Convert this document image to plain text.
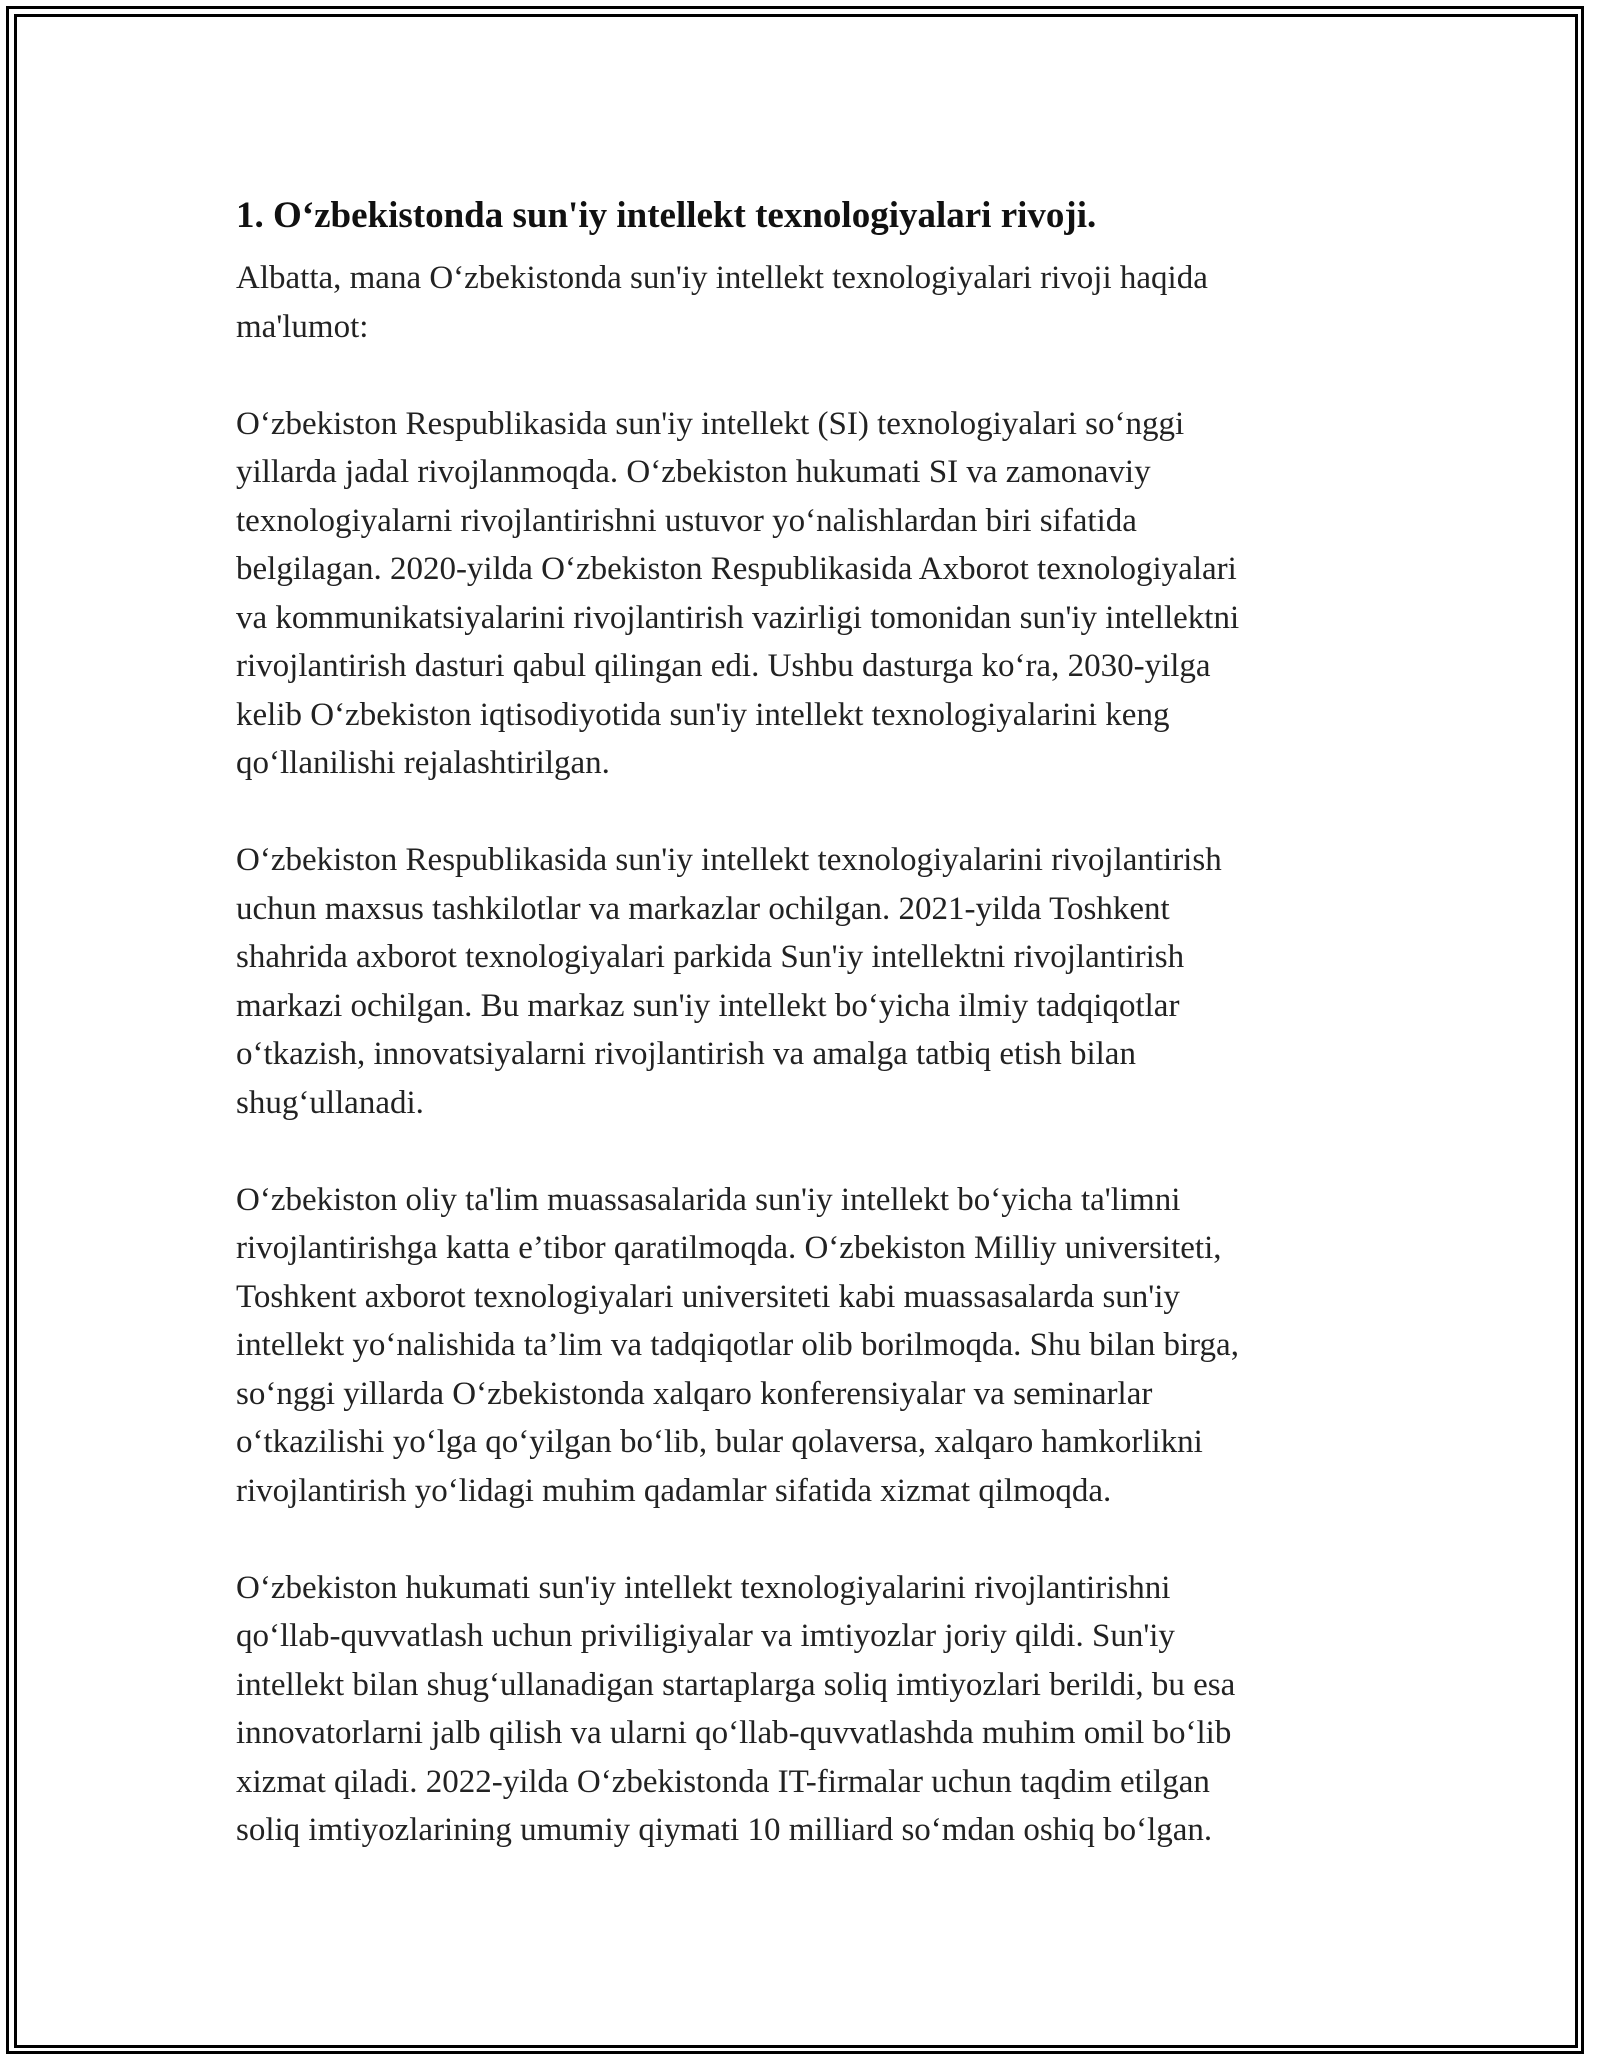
1. Oʻzbekistonda sun'iy intellekt texnologiyalari rivoji.

Albatta, mana Oʻzbekistonda sun'iy intellekt texnologiyalari rivoji haqida
ma'lumot:

Oʻzbekiston Respublikasida sun'iy intellekt (SI) texnologiyalari soʻnggi
yillarda jadal rivojlanmoqda. Oʻzbekiston hukumati SI va zamonaviy
texnologiyalarni rivojlantirishni ustuvor yoʻnalishlardan biri sifatida
belgilagan. 2020-yilda Oʻzbekiston Respublikasida Axborot texnologiyalari
va kommunikatsiyalarini rivojlantirish vazirligi tomonidan sun'iy intellektni
rivojlantirish dasturi qabul qilingan edi. Ushbu dasturga koʻra, 2030-yilga
kelib Oʻzbekiston iqtisodiyotida sun'iy intellekt texnologiyalarini keng
qoʻllanilishi rejalashtirilgan.

Oʻzbekiston Respublikasida sun'iy intellekt texnologiyalarini rivojlantirish
uchun maxsus tashkilotlar va markazlar ochilgan. 2021-yilda Toshkent
shahrida axborot texnologiyalari parkida Sun'iy intellektni rivojlantirish
markazi ochilgan. Bu markaz sun'iy intellekt boʻyicha ilmiy tadqiqotlar
oʻtkazish, innovatsiyalarni rivojlantirish va amalga tatbiq etish bilan
shugʻullanadi.

Oʻzbekiston oliy ta'lim muassasalarida sun'iy intellekt boʻyicha ta'limni
rivojlantirishga katta e’tibor qaratilmoqda. Oʻzbekiston Milliy universiteti,
Toshkent axborot texnologiyalari universiteti kabi muassasalarda sun'iy
intellekt yoʻnalishida ta’lim va tadqiqotlar olib borilmoqda. Shu bilan birga,
soʻnggi yillarda Oʻzbekistonda xalqaro konferensiyalar va seminarlar
oʻtkazilishi yoʻlga qoʻyilgan boʻlib, bular qolaversa, xalqaro hamkorlikni
rivojlantirish yoʻlidagi muhim qadamlar sifatida xizmat qilmoqda.

Oʻzbekiston hukumati sun'iy intellekt texnologiyalarini rivojlantirishni
qoʻllab-quvvatlash uchun priviligiyalar va imtiyozlar joriy qildi. Sun'iy
intellekt bilan shugʻullanadigan startaplarga soliq imtiyozlari berildi, bu esa
innovatorlarni jalb qilish va ularni qoʻllab-quvvatlashda muhim omil boʻlib
xizmat qiladi. 2022-yilda Oʻzbekistonda IT-firmalar uchun taqdim etilgan
soliq imtiyozlarining umumiy qiymati 10 milliard soʻmdan oshiq boʻlgan.
